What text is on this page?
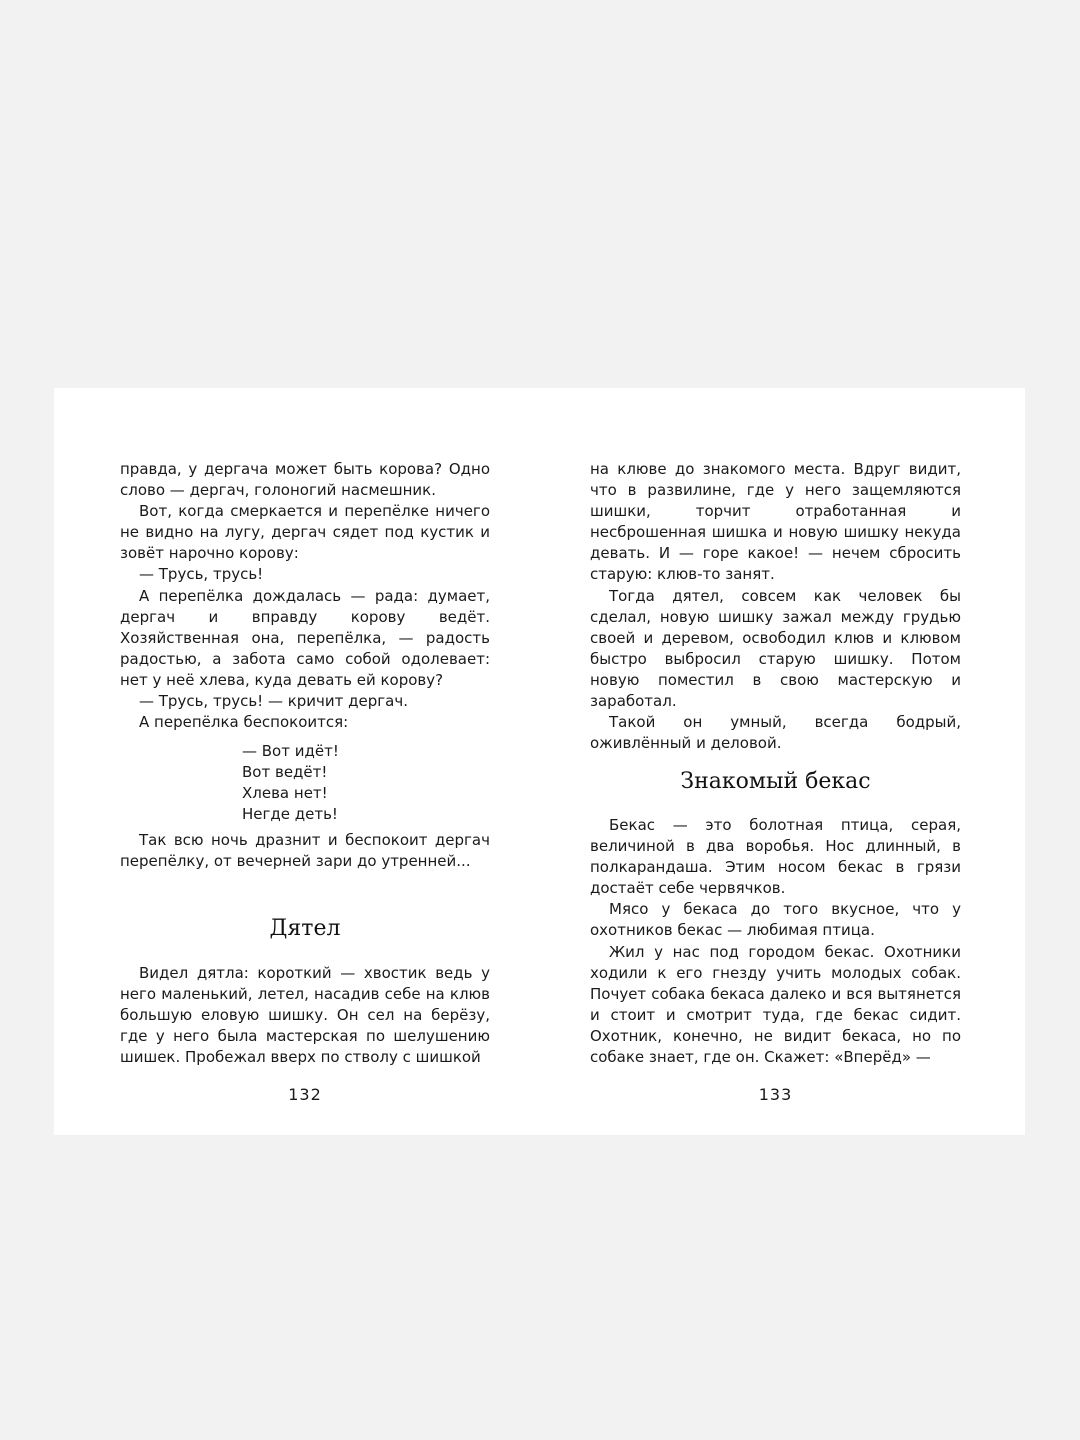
правда, у дергача может быть корова? Одно слово — дергач, голоногий насмешник.

Вот, когда смеркается и перепёлке ничего не видно на лугу, дергач сядет под кустик и зовёт нарочно корову:

— Трусь, трусь!

А перепёлка дождалась — рада: думает, дергач и вправду корову ведёт. Хозяйственная она, перепёлка, — радость радостью, а забота само собой одолевает: нет у неё хлева, куда девать ей корову?

— Трусь, трусь! — кричит дергач.

А перепёлка беспокоится:

— Вот идёт!
Вот ведёт!
Хлева нет!
Негде деть!

Так всю ночь дразнит и беспокоит дергач перепёлку, от вечерней зари до утренней...

Дятел

Видел дятла: короткий — хвостик ведь у него маленький, летел, насадив себе на клюв большую еловую шишку. Он сел на берёзу, где у него была мастерская по шелушению шишек. Пробежал вверх по стволу с шишкой

132

на клюве до знакомого места. Вдруг видит, что в развилине, где у него защемляются шишки, торчит отработанная и несброшенная шишка и новую шишку некуда девать. И — горе какое! — нечем сбросить старую: клюв-то занят.

Тогда дятел, совсем как человек бы сделал, новую шишку зажал между грудью своей и деревом, освободил клюв и клювом быстро выбросил старую шишку. Потом новую поместил в свою мастерскую и заработал.

Такой он умный, всегда бодрый, оживлённый и деловой.

Знакомый бекас

Бекас — это болотная птица, серая, величиной в два воробья. Нос длинный, в полкарандаша. Этим носом бекас в грязи достаёт себе червячков.

Мясо у бекаса до того вкусное, что у охотников бекас — любимая птица.

Жил у нас под городом бекас. Охотники ходили к его гнезду учить молодых собак. Почует собака бекаса далеко и вся вытянется и стоит и смотрит туда, где бекас сидит. Охотник, конечно, не видит бекаса, но по собаке знает, где он. Скажет: «Вперёд» —

133
